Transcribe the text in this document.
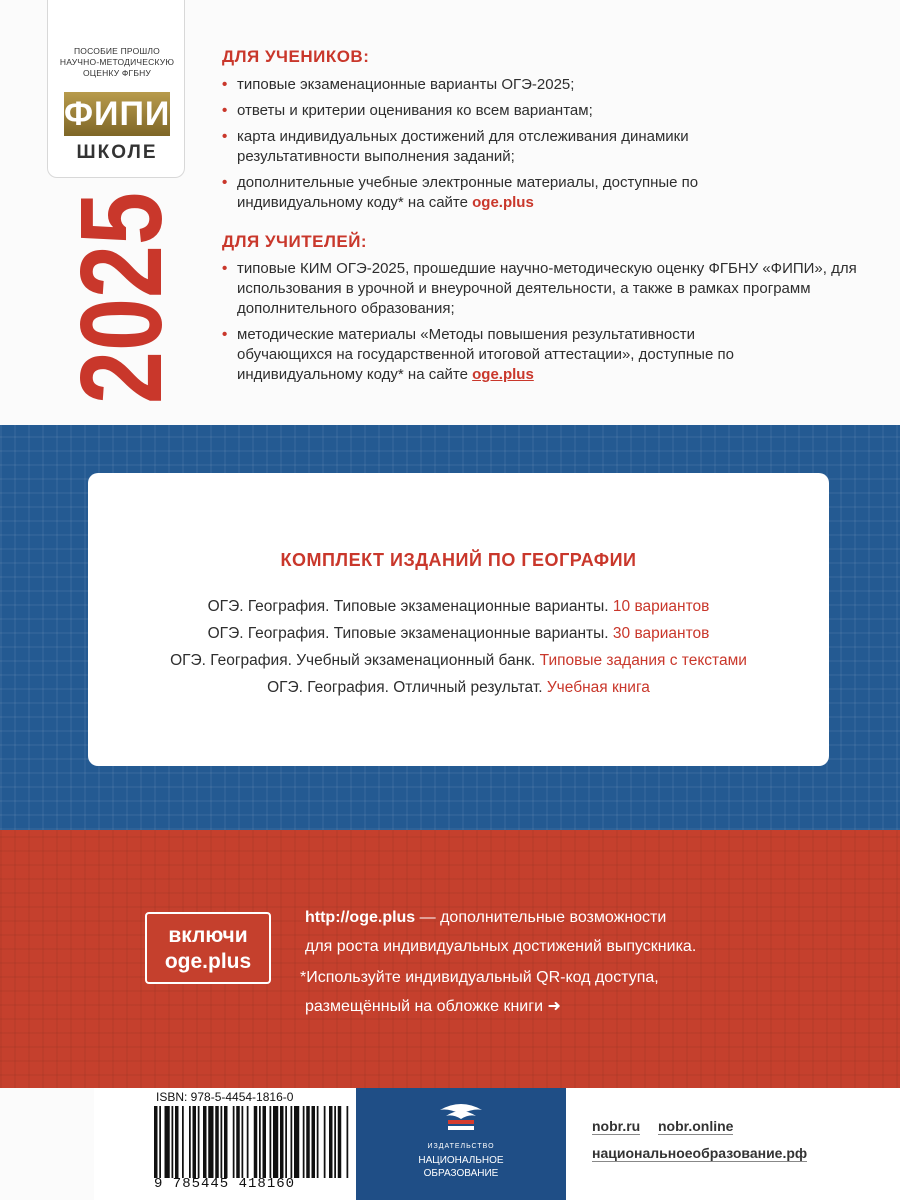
ПОСОБИЕ ПРОШЛО НАУЧНО-МЕТОДИЧЕСКУЮ ОЦЕНКУ ФГБНУ
ФИПИ
ШКОЛЕ
202
ДЛЯ УЧЕНИКОВ:
• типовые экзаменационные варианты ОГЭ-2025;
• ответы и критерии оценивания ко всем вариантам;
• карта индивидуальных достижений для отслеживания динамики результативности выполнения заданий;
• дополнительные учебные электронные материалы, доступные по индивидуальному коду* на сайте oge.plus
ДЛЯ УЧИТЕЛЕЙ:
• типовые КИМ ОГЭ-2025, прошедшие научно-методическую оценку ФГБНУ «ФИПИ», для использования в урочной и внеурочной деятельности, а также в рамках программ дополнительного образования;
• методические материалы «Методы повышения результативности обучающихся на государственной итоговой аттестации», доступные по индивидуальному коду* на сайте oge.plus
КОМПЛЕКТ ИЗДАНИЙ ПО ГЕОГРАФИИ
ОГЭ. География. Типовые экзаменационные варианты. 10 вариантов
ОГЭ. География. Типовые экзаменационные варианты. 30 вариантов
ОГЭ. География. Учебный экзаменационный банк. Типовые задания с текстами
ОГЭ. География. Отличный результат. Учебная книга
включи
oge.plus
http://oge.plus — дополнительные возможности
для роста индивидуальных достижений выпускника.
*Используйте индивидуальный QR-код доступа,
размещённый на обложке книги ➜
ISBN: 978-5-4454-1816-0
9 785445 418160
ИЗДАТЕЛЬСТВО
НАЦИОНАЛЬНОЕ
ОБРАЗОВАНИЕ
nobr.ru nobr.online
национальноеобразование.рф
